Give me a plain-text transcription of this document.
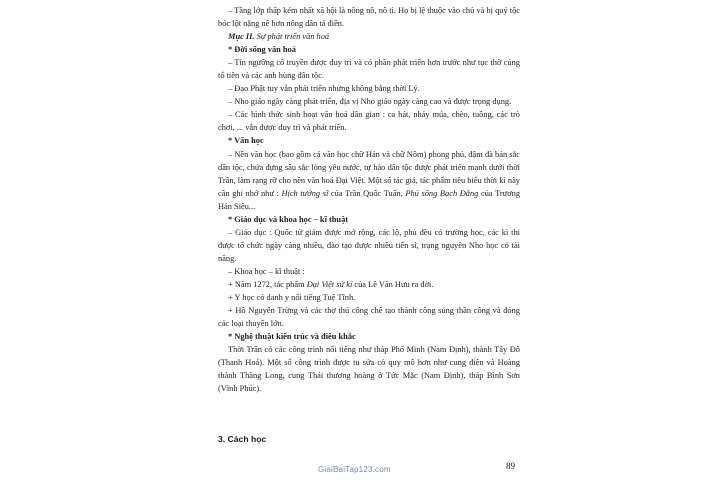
– Tầng lớp thấp kém nhất xã hội là nông nô, nô tì. Họ bị lệ thuộc vào chủ và bị quý tộc bóc lột nặng nề hơn nông dân tá điền.

Mục II. Sự phát triển văn hoá

* Đời sống văn hoá

– Tín ngưỡng cổ truyền được duy trì và có phần phát triển hơn trước như tục thờ cúng tổ tiên và các anh hùng dân tộc.

– Đạo Phật tuy vẫn phát triển nhưng không bằng thời Lý.

– Nho giáo ngày càng phát triển, địa vị Nho giáo ngày càng cao và được trọng dụng.

– Các hình thức sinh hoạt văn hoá dân gian : ca hát, nhảy múa, chèo, tuồng, các trò chơi, ... vẫn được duy trì và phát triển.

* Văn học

– Nền văn học (bao gồm cả văn học chữ Hán và chữ Nôm) phong phú, đậm đà bản sắc dân tộc, chứa đựng sâu sắc lòng yêu nước, tự hào dân tộc được phát triển mạnh dưới thời Trần, làm rạng rỡ cho nền văn hoá Đại Việt. Một số tác giả, tác phẩm tiêu biểu thời kì này cần ghi nhớ như : Hịch tướng sĩ của Trần Quốc Tuấn, Phú sông Bạch Đằng của Trương Hán Siêu...

* Giáo dục và khoa học – kĩ thuật

– Giáo dục : Quốc tử giám được mở rộng, các lộ, phủ đều có trường học, các kì thi được tổ chức ngày càng nhiều, đào tạo được nhiều tiến sĩ, trạng nguyên Nho học có tài năng.

– Khoa học – kĩ thuật :

+ Năm 1272, tác phẩm Đại Việt sử kí của Lê Văn Hưu ra đời.

+ Y học có danh y nổi tiếng Tuệ Tĩnh.

+ Hồ Nguyên Trừng và các thợ thủ công chế tạo thành công súng thần công và đóng các loại thuyền lớn.

* Nghệ thuật kiến trúc và điêu khắc

Thời Trần có các công trình nổi tiếng như tháp Phổ Minh (Nam Định), thành Tây Đô (Thanh Hoá). Một số công trình được tu sửa có quy mô hơn như cung điện và Hoàng thành Thăng Long, cung Thái thượng hoàng ở Tức Mặc (Nam Định), tháp Bình Sơn (Vĩnh Phúc).

3. Cách học
89
GiaiBaiTap123.com
